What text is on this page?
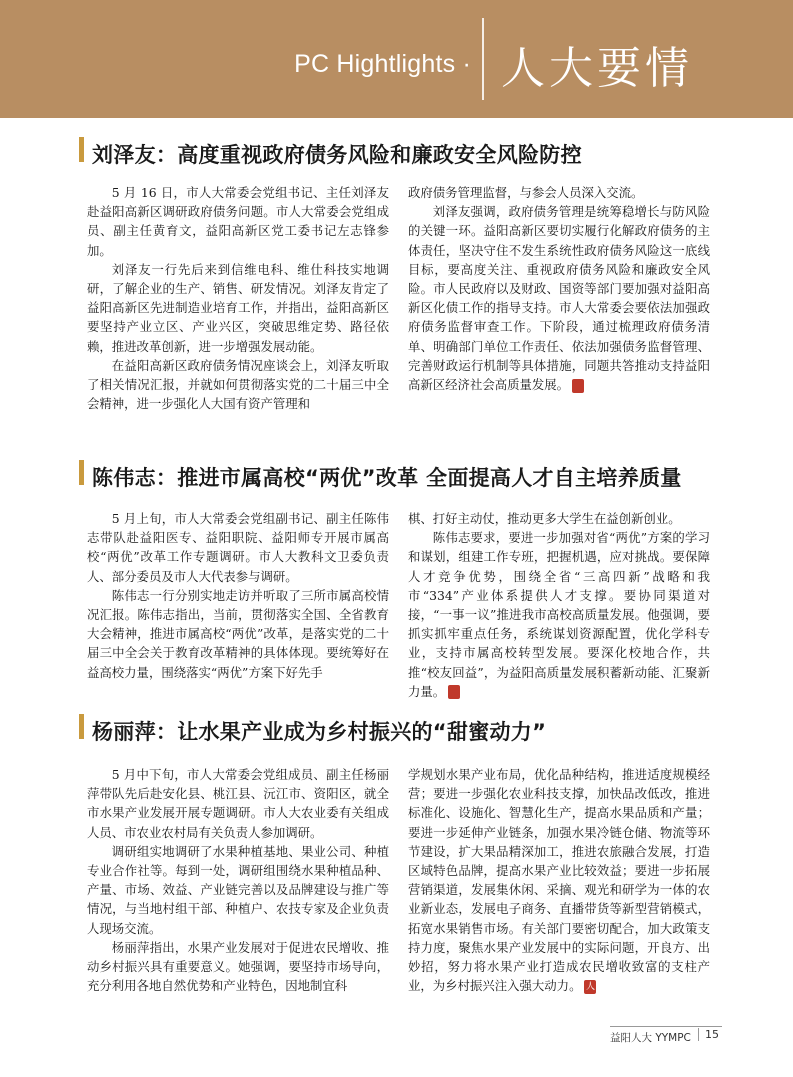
PC Hightlights · 人大要情
刘泽友：高度重视政府债务风险和廉政安全风险防控

5 月 16 日，市人大常委会党组书记、主任刘泽友赴益阳高新区调研政府债务问题。市人大常委会党组成员、副主任黄育文，益阳高新区党工委书记左志锋参加。

刘泽友一行先后来到信维电科、维仕科技实地调研，了解企业的生产、销售、研发情况。刘泽友肯定了益阳高新区先进制造业培育工作，并指出，益阳高新区要坚持产业立区、产业兴区，突破思维定势、路径依赖，推进改革创新，进一步增强发展动能。

在益阳高新区政府债务情况座谈会上，刘泽友听取了相关情况汇报，并就如何贯彻落实党的二十届三中全会精神，进一步强化人大国有资产管理和

政府债务管理监督，与参会人员深入交流。

刘泽友强调，政府债务管理是统筹稳增长与防风险的关键一环。益阳高新区要切实履行化解政府债务的主体责任，坚决守住不发生系统性政府债务风险这一底线目标，要高度关注、重视政府债务风险和廉政安全风险。市人民政府以及财政、国资等部门要加强对益阳高新区化债工作的指导支持。市人大常委会要依法加强政府债务监督审查工作。下阶段，通过梳理政府债务清单、明确部门单位工作责任、依法加强债务监督管理、完善财政运行机制等具体措施，同题共答推动支持益阳高新区经济社会高质量发展。	人

陈伟志：推进市属高校“两优”改革 全面提高人才自主培养质量

5 月上旬，市人大常委会党组副书记、副主任陈伟志带队赴益阳医专、益阳职院、益阳师专开展市属高校“两优”改革工作专题调研。市人大教科文卫委负责人、部分委员及市人大代表参与调研。

陈伟志一行分别实地走访并听取了三所市属高校情况汇报。陈伟志指出，当前，贯彻落实全国、全省教育大会精神，推进市属高校“两优”改革，是落实党的二十届三中全会关于教育改革精神的具体体现。要统筹好在益高校力量，围绕落实“两优”方案下好先手

棋、打好主动仗，推动更多大学生在益创新创业。

陈伟志要求，要进一步加强对省“两优”方案的学习和谋划，组建工作专班，把握机遇，应对挑战。要保障人才竞争优势，围绕全省“三高四新”战略和我市“334”产业体系提供人才支撑。要协同渠道对接，“一事一议”推进我市高校高质量发展。他强调，要抓实抓牢重点任务，系统谋划资源配置，优化学科专业，支持市属高校转型发展。要深化校地合作，共推“校友回益”，为益阳高质量发展积蓄新动能、汇聚新力量。	人

杨丽萍：让水果产业成为乡村振兴的“甜蜜动力”

5 月中下旬，市人大常委会党组成员、副主任杨丽萍带队先后赴安化县、桃江县、沅江市、资阳区，就全市水果产业发展开展专题调研。市人大农业委有关组成人员、市农业农村局有关负责人参加调研。

调研组实地调研了水果种植基地、果业公司、种植专业合作社等。每到一处，调研组围绕水果种植品种、产量、市场、效益、产业链完善以及品牌建设与推广等情况，与当地村组干部、种植户、农技专家及企业负责人现场交流。

杨丽萍指出，水果产业发展对于促进农民增收、推动乡村振兴具有重要意义。她强调，要坚持市场导向，充分利用各地自然优势和产业特色，因地制宜科

学规划水果产业布局，优化品种结构，推进适度规模经营；要进一步强化农业科技支撑，加快品改低改，推进标准化、设施化、智慧化生产，提高水果品质和产量；要进一步延伸产业链条，加强水果冷链仓储、物流等环节建设，扩大果品精深加工，推进农旅融合发展，打造区域特色品牌，提高水果产业比较效益；要进一步拓展营销渠道，发展集休闲、采摘、观光和研学为一体的农业新业态，发展电子商务、直播带货等新型营销模式，拓宽水果销售市场。有关部门要密切配合，加大政策支持力度，聚焦水果产业发展中的实际问题，开良方、出妙招，努力将水果产业打造成农民增收致富的支柱产业，为乡村振兴注入强大动力。 人

益阳人大 YYMPC	15
